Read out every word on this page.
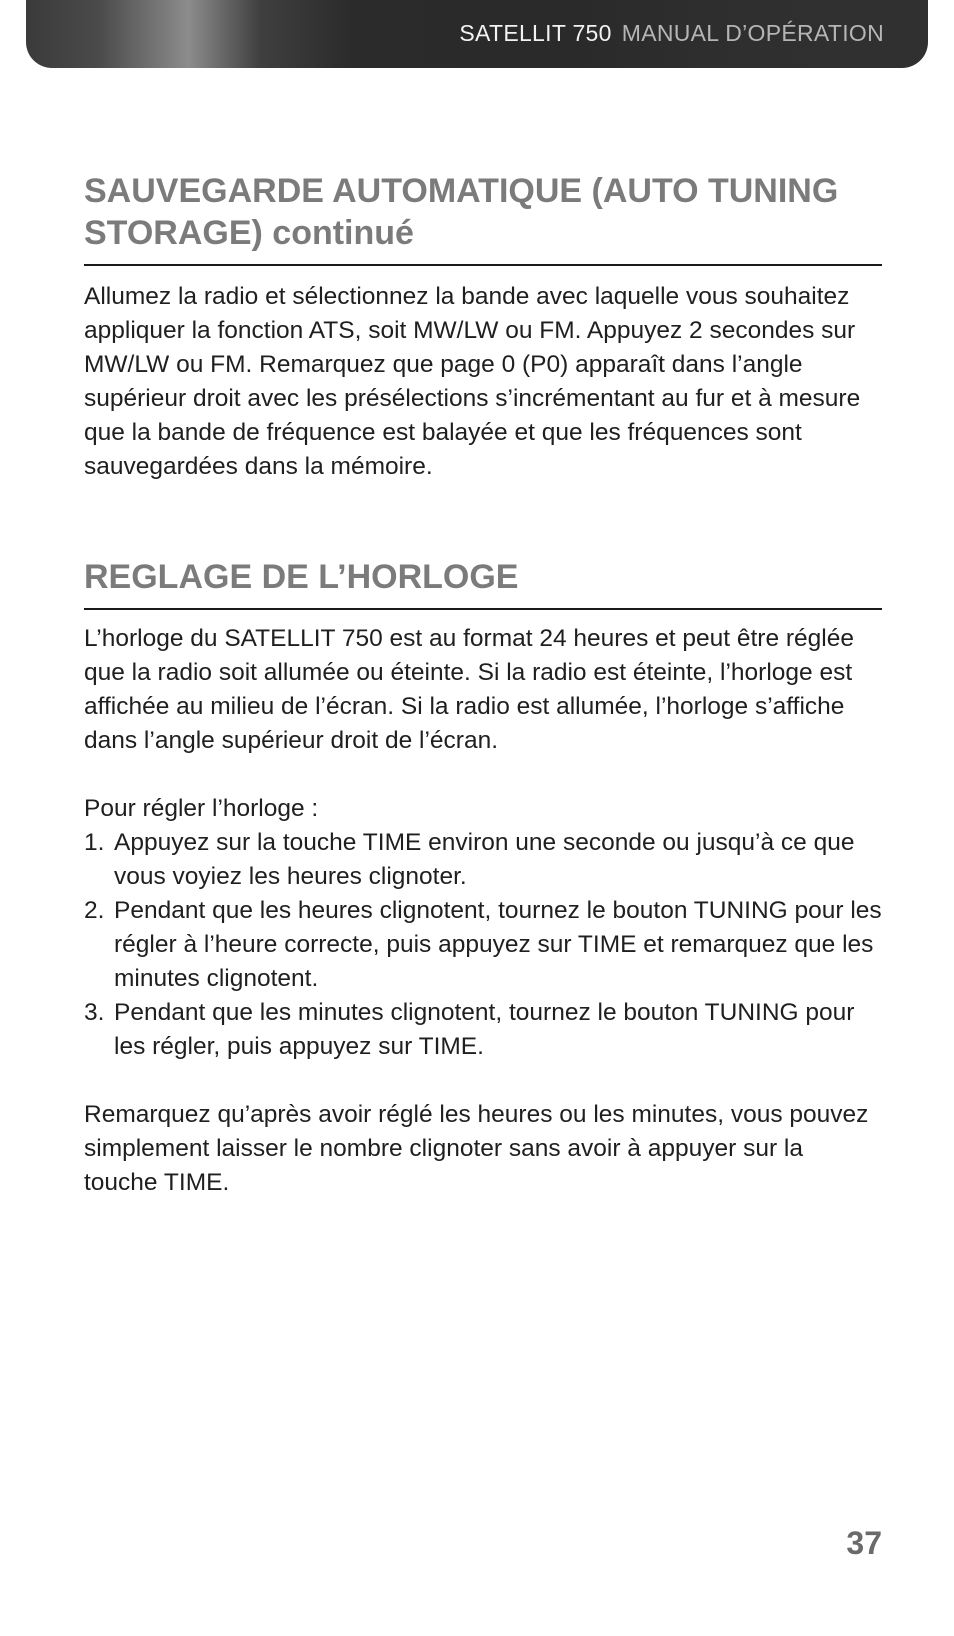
SATELLIT 750 MANUAL D’OPÉRATION
SAUVEGARDE AUTOMATIQUE (AUTO TUNING STORAGE) continué

Allumez la radio et sélectionnez la bande avec laquelle vous souhaitez appliquer la fonction ATS, soit MW/LW ou FM. Appuyez 2 secondes sur MW/LW ou FM. Remarquez que page 0 (P0) apparaît dans l’angle supérieur droit avec les présélections s’incrémentant au fur et à mesure que la bande de fréquence est balayée et que les fréquences sont sauvegardées dans la mémoire.

REGLAGE DE L’HORLOGE

L’horloge du SATELLIT 750 est au format 24 heures et peut être réglée que la radio soit allumée ou éteinte. Si la radio est éteinte, l’horloge est affichée au milieu de l’écran. Si la radio est allumée, l’horloge s’affiche dans l’angle supérieur droit de l’écran.

Pour régler l’horloge :

1. Appuyez sur la touche TIME environ une seconde ou jusqu’à ce que vous voyiez les heures clignoter.
2. Pendant que les heures clignotent, tournez le bouton TUNING pour les régler à l’heure correcte, puis appuyez sur TIME et remarquez que les minutes clignotent.
3. Pendant que les minutes clignotent, tournez le bouton TUNING pour les régler, puis appuyez sur TIME.

Remarquez qu’après avoir réglé les heures ou les minutes, vous pouvez simplement laisser le nombre clignoter sans avoir à appuyer sur la touche TIME.

37
